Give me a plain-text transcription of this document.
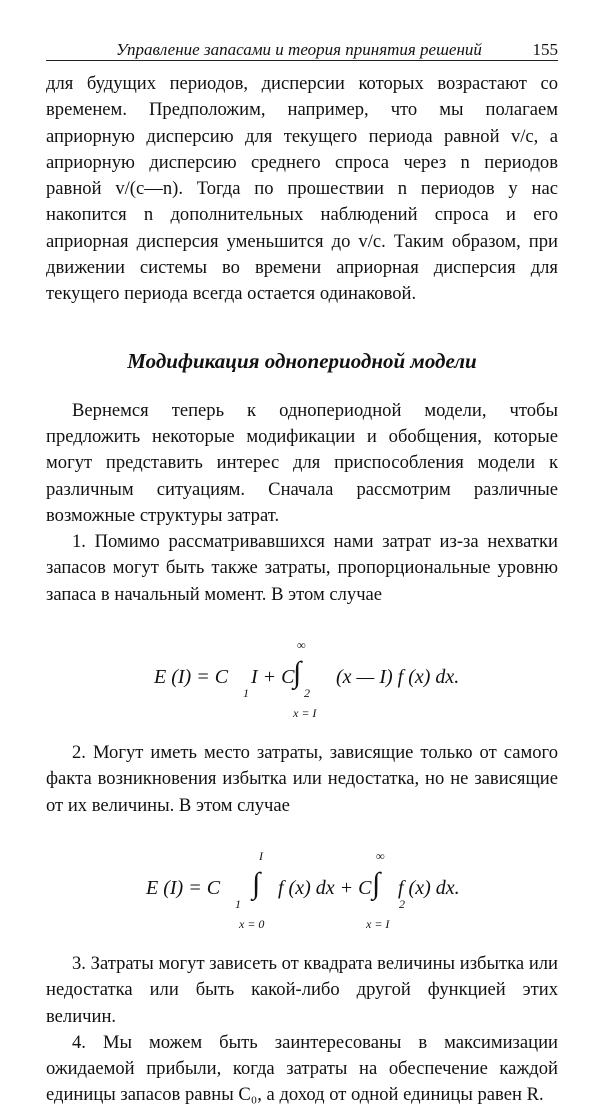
Управление запасами и теория принятия решений	155

для будущих периодов, дисперсии которых возрастают со временем. Предположим, например, что мы полагаем априорную дисперсию для текущего периода равной v/c, а априорную дисперсию среднего спроса через n периодов равной v/(c—n). Тогда по прошествии n периодов у нас накопится n дополнительных наблюдений спроса и его априорная дисперсия уменьшится до v/c. Таким образом, при движении системы во времени априорная дисперсия для текущего периода всегда остается одинаковой.

Модификация однопериодной модели

Вернемся теперь к однопериодной модели, чтобы предложить некоторые модификации и обобщения, которые могут представить интерес для приспособления модели к различным ситуациям. Сначала рассмотрим различные возможные структуры затрат.

1. Помимо рассматривавшихся нами затрат из-за нехватки запасов могут быть также затраты, пропорциональные уровню запаса в начальный момент. В этом случае

E (I) = C
1
I + C
2
∞
∫
x = I
(x — I) f (x) dx.

2. Могут иметь место затраты, зависящие только от самого факта возникновения избытка или недостатка, но не зависящие от их величины. В этом случае

E (I) = C
1
I
∫
x = 0
f (x) dx + C
2
∞
∫
x = I
f (x) dx.

3. Затраты могут зависеть от квадрата величины избытка или недостатка или быть какой-либо другой функцией этих величин.

4. Мы можем быть заинтересованы в максимизации ожидаемой прибыли, когда затраты на обеспечение каждой единицы запасов равны C₀, а доход от одной единицы равен R.
